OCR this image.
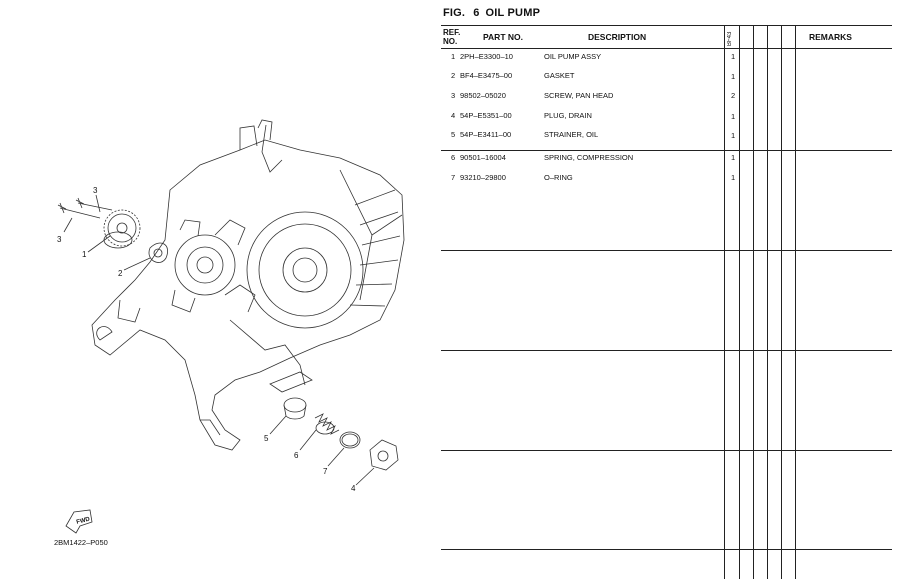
3
3
1
2
5
6
7
4
FWD
2BM1422–P050
FIG. 6 OIL PUMP
REF.
NO.	PART NO.	DESCRIPTION	BF43	REMARKS
1 2PH–E3300–10	OIL PUMP ASSY	1
2 BF4–E3475–00	GASKET	1
3 98502–05020	SCREW, PAN HEAD	2
4 54P–E5351–00	PLUG, DRAIN	1
5 54P–E3411–00	STRAINER, OIL	1
6 90501–16004	SPRING, COMPRESSION	1
7 93210–29800	O–RING	1
